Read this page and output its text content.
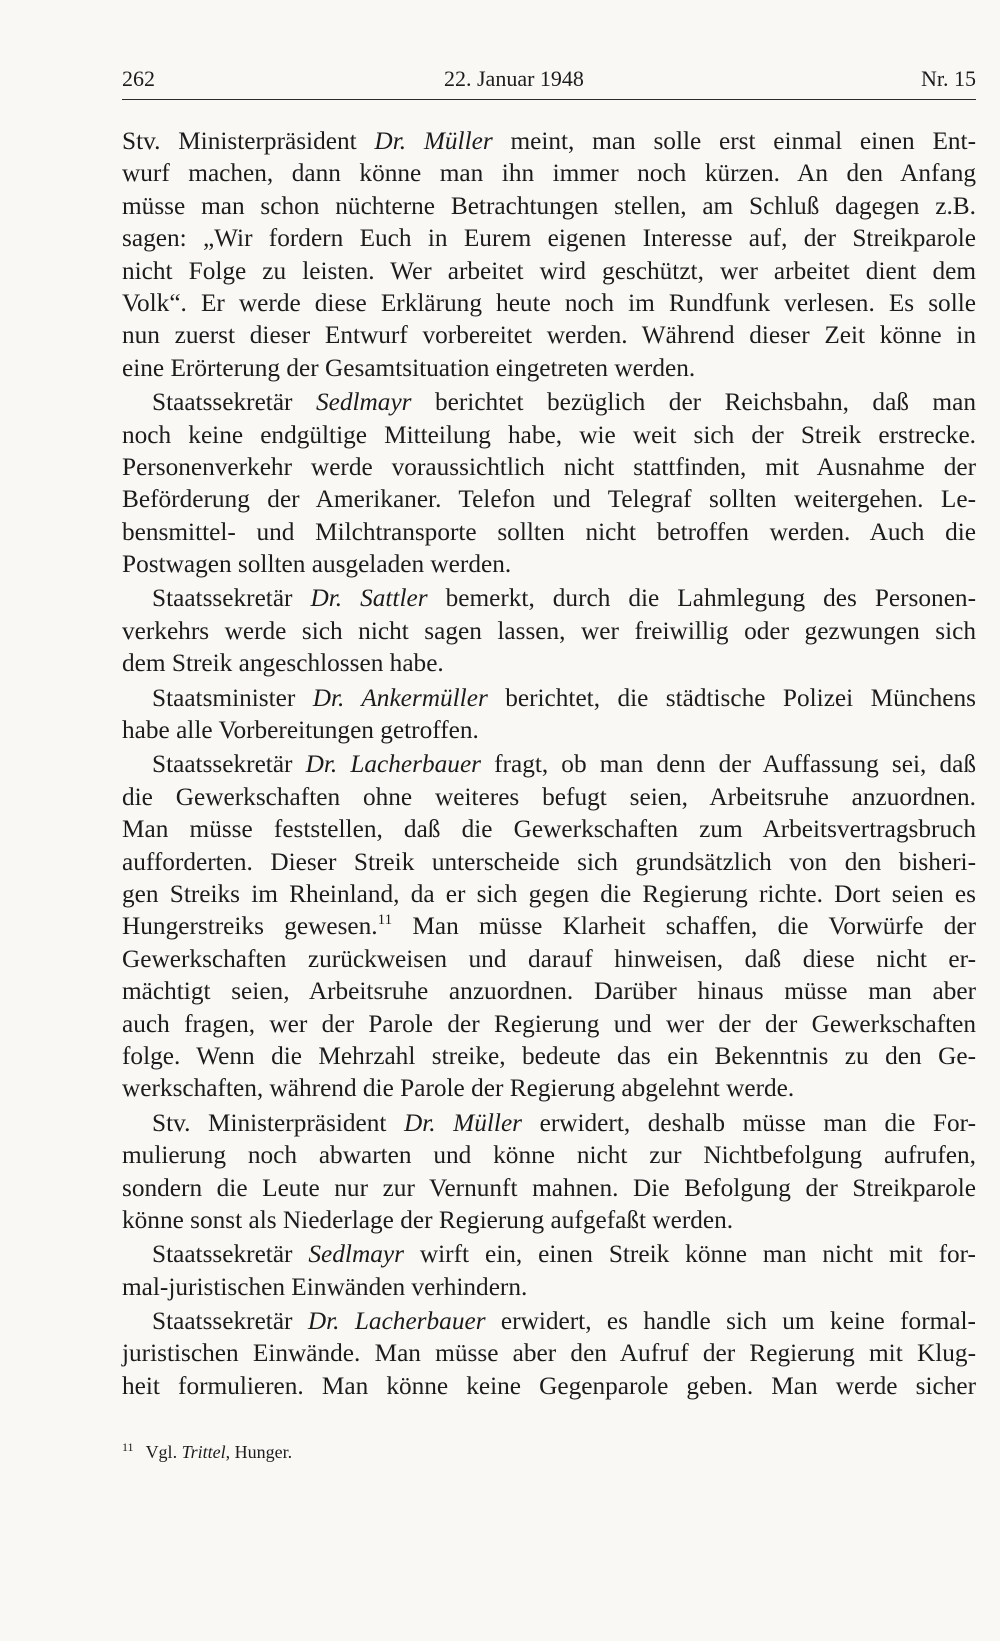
262	22. Januar 1948	Nr. 15
Stv. Ministerpräsident Dr. Müller meint, man solle erst einmal einen Ent-
wurf machen, dann könne man ihn immer noch kürzen. An den Anfang
müsse man schon nüchterne Betrachtungen stellen, am Schluß dagegen z.B.
sagen: „Wir fordern Euch in Eurem eigenen Interesse auf, der Streikparole
nicht Folge zu leisten. Wer arbeitet wird geschützt, wer arbeitet dient dem
Volk“. Er werde diese Erklärung heute noch im Rundfunk verlesen. Es solle
nun zuerst dieser Entwurf vorbereitet werden. Während dieser Zeit könne in
eine Erörterung der Gesamtsituation eingetreten werden.
Staatssekretär Sedlmayr berichtet bezüglich der Reichsbahn, daß man
noch keine endgültige Mitteilung habe, wie weit sich der Streik erstrecke.
Personenverkehr werde voraussichtlich nicht stattfinden, mit Ausnahme der
Beförderung der Amerikaner. Telefon und Telegraf sollten weitergehen. Le-
bensmittel- und Milchtransporte sollten nicht betroffen werden. Auch die
Postwagen sollten ausgeladen werden.
Staatssekretär Dr. Sattler bemerkt, durch die Lahmlegung des Personen-
verkehrs werde sich nicht sagen lassen, wer freiwillig oder gezwungen sich
dem Streik angeschlossen habe.
Staatsminister Dr. Ankermüller berichtet, die städtische Polizei Münchens
habe alle Vorbereitungen getroffen.
Staatssekretär Dr. Lacherbauer fragt, ob man denn der Auffassung sei, daß
die Gewerkschaften ohne weiteres befugt seien, Arbeitsruhe anzuordnen.
Man müsse feststellen, daß die Gewerkschaften zum Arbeitsvertragsbruch
aufforderten. Dieser Streik unterscheide sich grundsätzlich von den bisheri-
gen Streiks im Rheinland, da er sich gegen die Regierung richte. Dort seien es
Hungerstreiks gewesen.$^{11}$ Man müsse Klarheit schaffen, die Vorwürfe der
Gewerkschaften zurückweisen und darauf hinweisen, daß diese nicht er-
mächtigt seien, Arbeitsruhe anzuordnen. Darüber hinaus müsse man aber
auch fragen, wer der Parole der Regierung und wer der der Gewerkschaften
folge. Wenn die Mehrzahl streike, bedeute das ein Bekenntnis zu den Ge-
werkschaften, während die Parole der Regierung abgelehnt werde.
Stv. Ministerpräsident Dr. Müller erwidert, deshalb müsse man die For-
mulierung noch abwarten und könne nicht zur Nichtbefolgung aufrufen,
sondern die Leute nur zur Vernunft mahnen. Die Befolgung der Streikparole
könne sonst als Niederlage der Regierung aufgefaßt werden.
Staatssekretär Sedlmayr wirft ein, einen Streik könne man nicht mit for-
mal-juristischen Einwänden verhindern.
Staatssekretär Dr. Lacherbauer erwidert, es handle sich um keine formal-
juristischen Einwände. Man müsse aber den Aufruf der Regierung mit Klug-
heit formulieren. Man könne keine Gegenparole geben. Man werde sicher
$^{11}$ Vgl. Trittel, Hunger.
